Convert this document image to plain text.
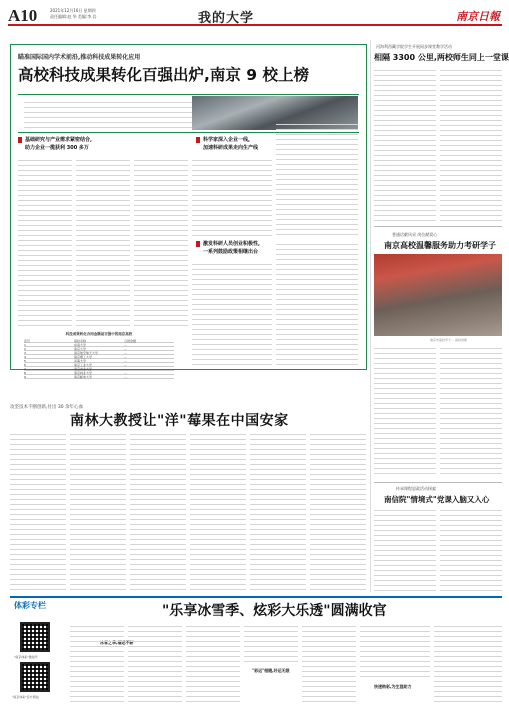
A10	2021年12月16日 星期四
责任编辑:赵 华 美编:李 岩	我的大学	南京日報
瞄准国际国内学术前沿,推动科技成果转化应用
高校科技成果转化百强出炉,南京 9 校上榜
基础研究与产业需求紧密结合,
助力企业一揽获利 300 多万
科学家深入企业一线,
加速科研成果走向生产线
激发科研人员创业积极性,
一系列鼓励政策相继出台
科技成果转化合同金额前百强中的南京高校
序号	高校名称	合同金额
1	东南大学	…
2	南京大学	…
3	南京航空航天大学	…
4	南京理工大学	…
5	河海大学	…
6	南京工业大学	…
7	南京农业大学	…
8	南京林业大学	…
9	南京邮电大学	…
河海利西藏学院学生开展同步课堂教学活动
相隔 3300 公里,两校师生同上一堂课
普通话献风采 岗位献爱心
南京高校温馨服务助力考研学子
南京市高校学子… 高校供图
传承课程思政活动探索
南信院"情境式"党课入脑又入心
攻坚技术不断创新,付出 30 余年心血
南林大教授让"洋"莓果在中国安家
体彩专栏	"乐享冰雪季、炫彩大乐透"圆满收官
"南京体彩"微信号
"南京体彩"官方网站
冰雪之季,福运不断
"彩运"相随,好运无限
快速购彩,为生涯助力
